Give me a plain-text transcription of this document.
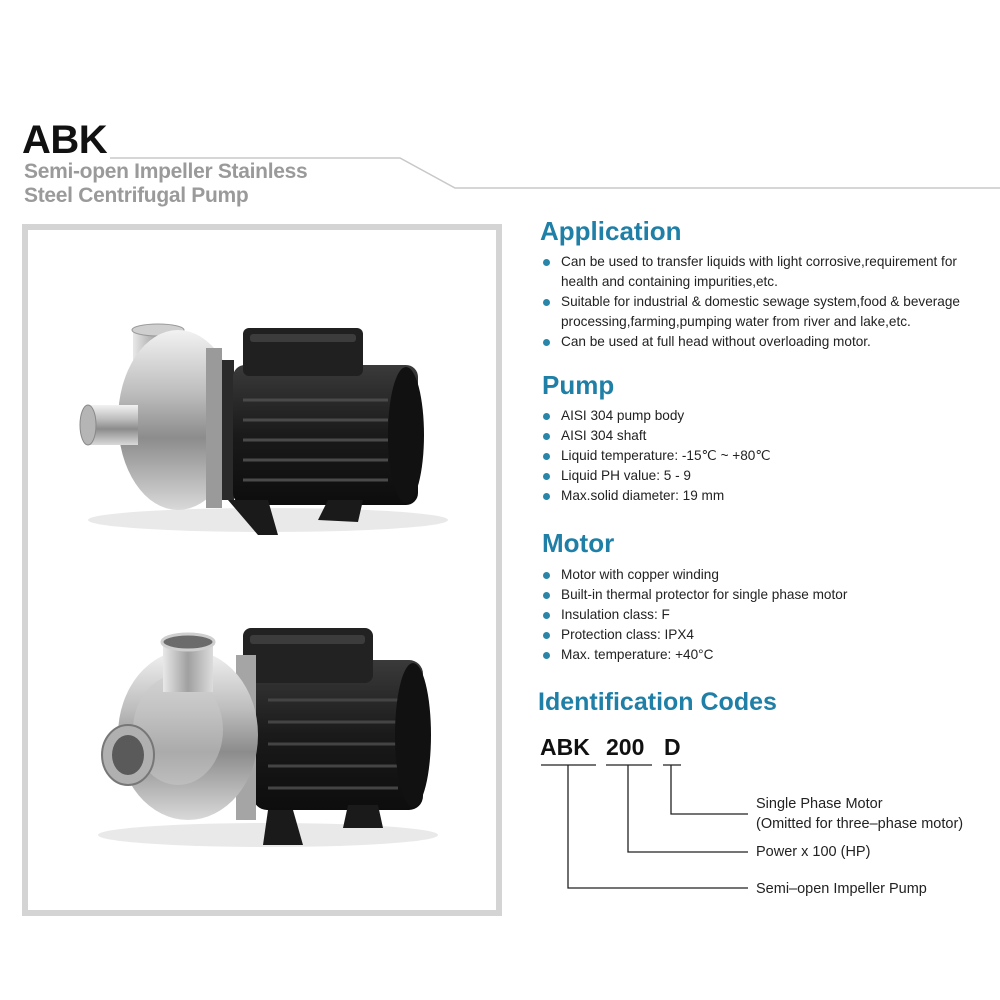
ABK
Semi-open Impeller Stainless
Steel Centrifugal Pump
Application
Can be used to transfer liquids with light corrosive,requirement for health and containing impurities,etc.
Suitable for industrial & domestic sewage system,food & beverage processing,farming,pumping water from river and lake,etc.
Can be used at full head without overloading motor.
Pump
AISI 304 pump body
AISI 304 shaft
Liquid temperature: -15℃ ~ +80℃
Liquid PH value: 5 - 9
Max.solid diameter: 19 mm
Motor
Motor with copper winding
Built-in thermal protector for single phase motor
Insulation class: F
Protection class: IPX4
Max. temperature: +40°C
Identification Codes
ABK 200 D
Single Phase Motor
(Omitted for three–phase motor)
Power x 100 (HP)
Semi–open Impeller Pump
